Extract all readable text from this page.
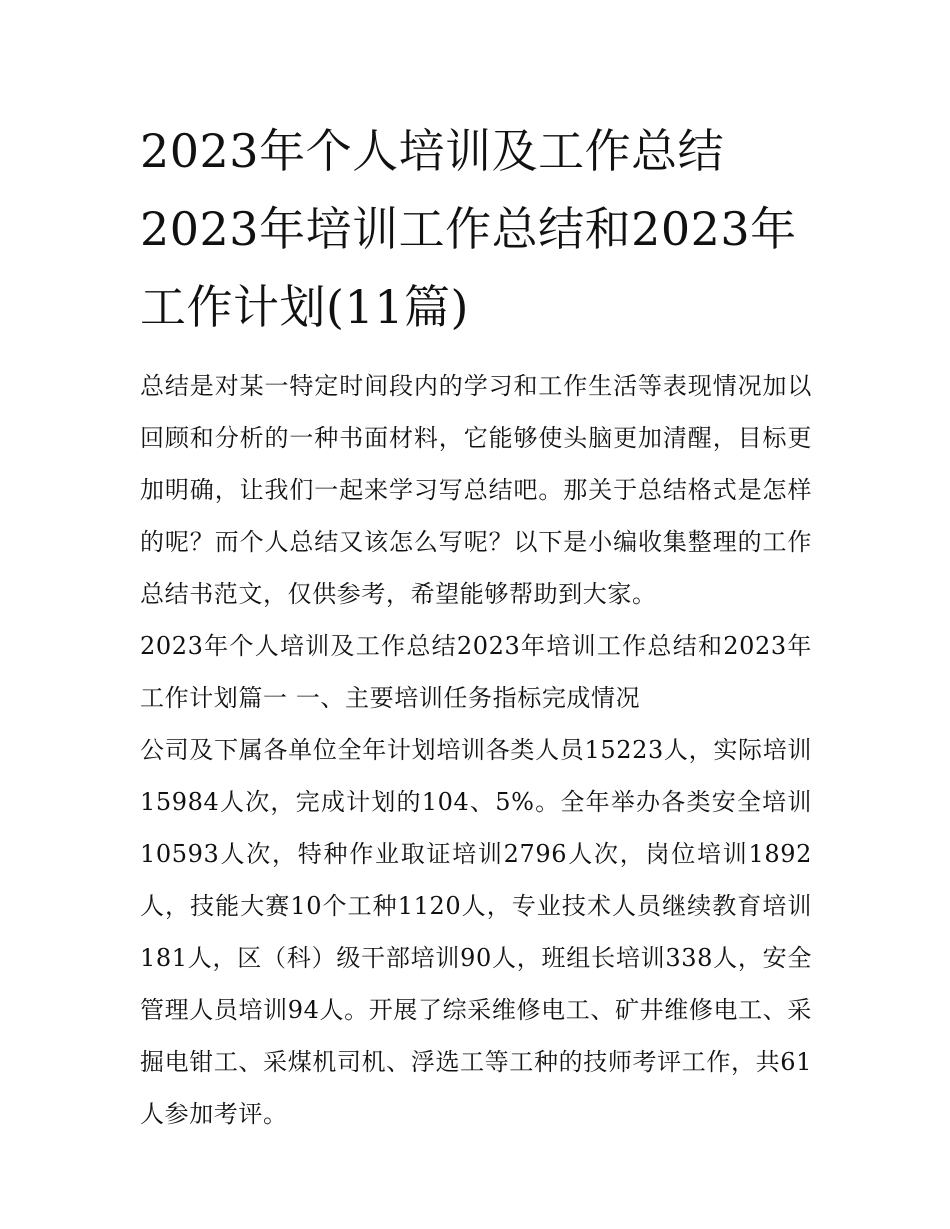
2023年个人培训及工作总结2023年培训工作总结和2023年工作计划(11篇)

总结是对某一特定时间段内的学习和工作生活等表现情况加以回顾和分析的一种书面材料，它能够使头脑更加清醒，目标更加明确，让我们一起来学习写总结吧。那关于总结格式是怎样的呢？而个人总结又该怎么写呢？以下是小编收集整理的工作总结书范文，仅供参考，希望能够帮助到大家。

2023年个人培训及工作总结2023年培训工作总结和2023年工作计划篇一 一、主要培训任务指标完成情况

公司及下属各单位全年计划培训各类人员15223人，实际培训15984人次，完成计划的104、5%。全年举办各类安全培训10593人次，特种作业取证培训2796人次，岗位培训1892人，技能大赛10个工种1120人，专业技术人员继续教育培训181人，区（科）级干部培训90人，班组长培训338人，安全管理人员培训94人。开展了综采维修电工、矿井维修电工、采掘电钳工、采煤机司机、浮选工等工种的技师考评工作，共61人参加考评。
